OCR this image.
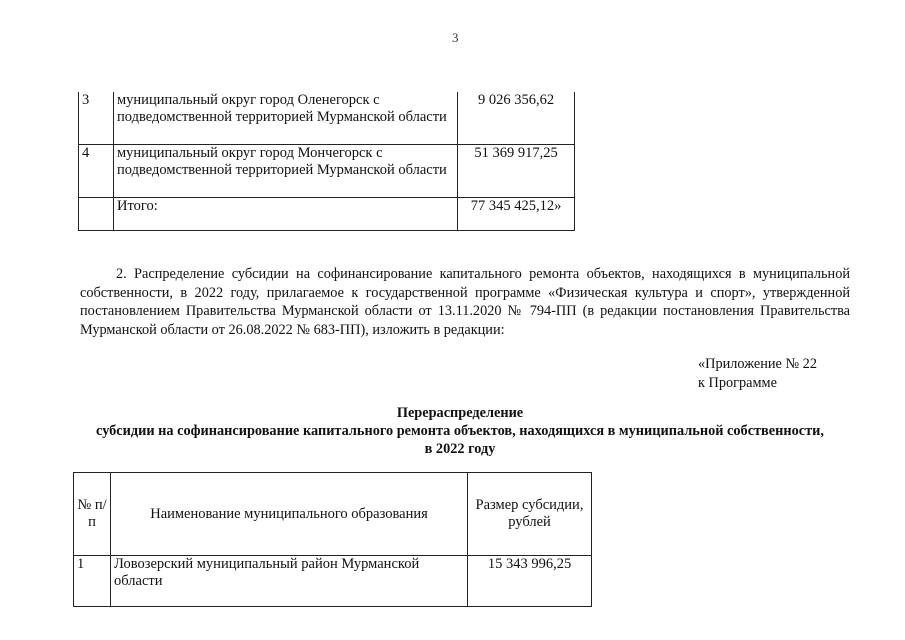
3
3	муниципальный округ город Оленегорск с подведомственной территорией Мурманской области	9 026 356,62
4	муниципальный округ город Мончегорск с подведомственной территорией Мурманской области	51 369 917,25
	Итого:	77 345 425,12»
2. Распределение субсидии на софинансирование капитального ремонта объектов, находящихся в муниципальной собственности, в 2022 году, прилагаемое к государственной программе «Физическая культура и спорт», утвержденной постановлением Правительства Мурманской области от 13.11.2020 № 794-ПП (в редакции постановления Правительства Мурманской области от 26.08.2022 № 683-ПП), изложить в редакции:
«Приложение № 22
к Программе
Перераспределение
субсидии на софинансирование капитального ремонта объектов, находящихся в муниципальной собственности,
в 2022 году
№ п/п	Наименование муниципального образования	Размер субсидии, рублей
1	Ловозерский муниципальный район Мурманской области	15 343 996,25
